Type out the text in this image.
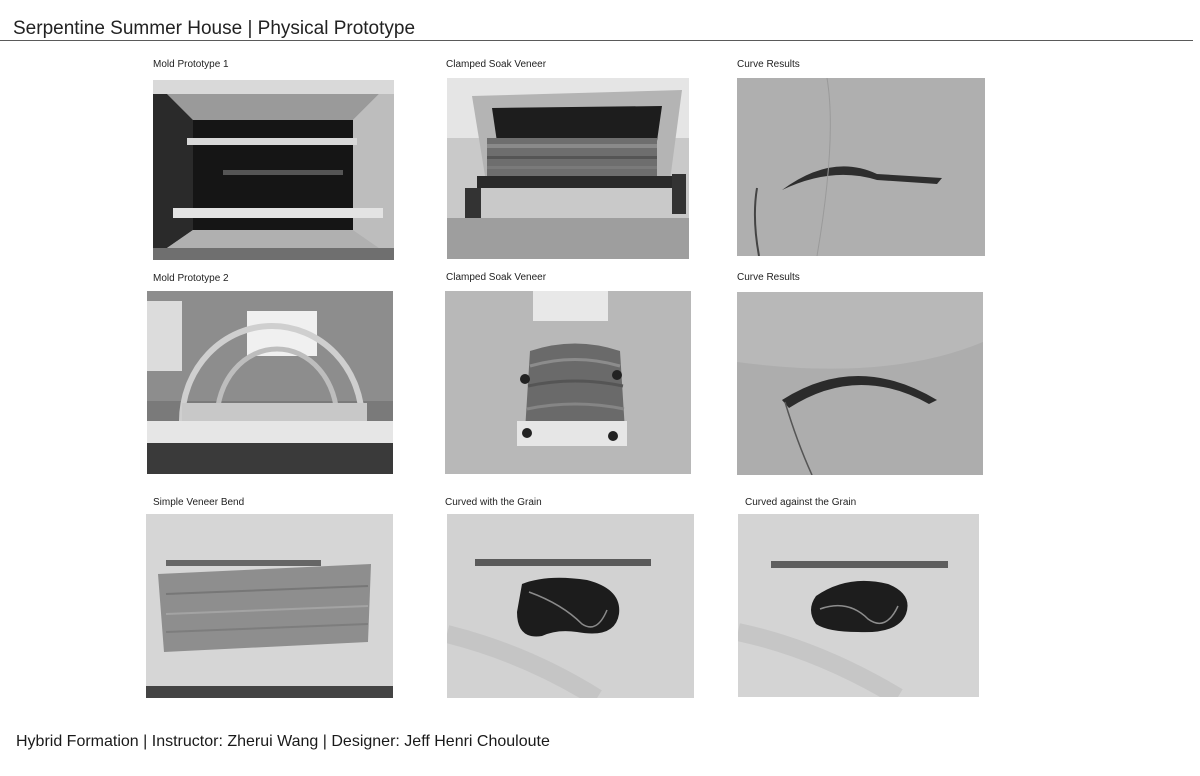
Serpentine Summer House | Physical Prototype
Mold Prototype 1	Clamped Soak Veneer	Curve Results
Mold Prototype 2	Clamped Soak Veneer	Curve Results
Simple Veneer Bend	Curved with the Grain	Curved against the Grain
Hybrid Formation | Instructor: Zherui Wang | Designer: Jeff Henri Chouloute
